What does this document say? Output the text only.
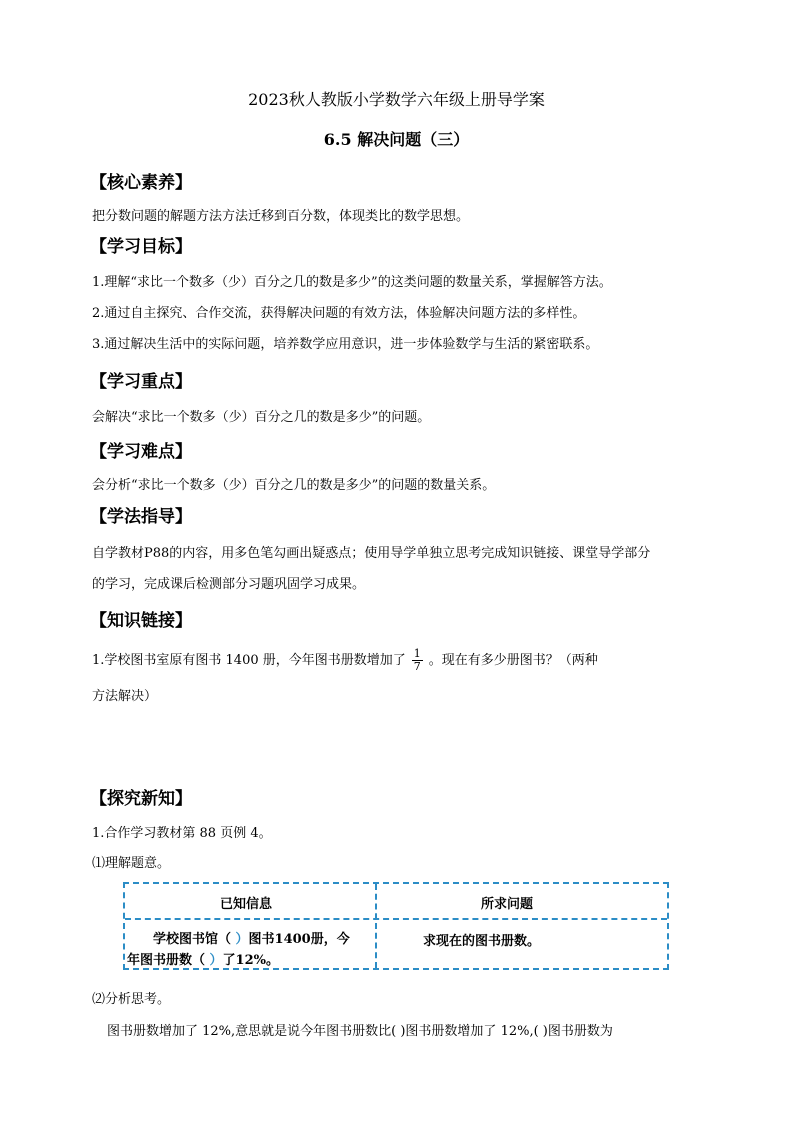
2023秋人教版小学数学六年级上册导学案
6.5 解决问题（三）
【核心素养】
把分数问题的解题方法方法迁移到百分数，体现类比的数学思想。
【学习目标】
1.理解“求比一个数多（少）百分之几的数是多少”的这类问题的数量关系，掌握解答方法。
2.通过自主探究、合作交流，获得解决问题的有效方法，体验解决问题方法的多样性。
3.通过解决生活中的实际问题，培养数学应用意识，进一步体验数学与生活的紧密联系。
【学习重点】
会解决“求比一个数多（少）百分之几的数是多少”的问题。
【学习难点】
会分析“求比一个数多（少）百分之几的数是多少”的问题的数量关系。
【学法指导】
自学教材P88的内容，用多色笔勾画出疑惑点；使用导学单独立思考完成知识链接、课堂导学部分
的学习，完成课后检测部分习题巩固学习成果。
【知识链接】
1.学校图书室原有图书 1400 册，今年图书册数增加了 $\frac{1}{7}$ 。现在有多少册图书？（两种
方法解决）
【探究新知】
1.合作学习教材第 88 页例 4。
⑴理解题意。
已知信息	所求问题
学校图书馆（ ）图书1400册，今
年图书册数（ ）了12%。
求现在的图书册数。
⑵分析思考。
图书册数增加了 12%,意思就是说今年图书册数比( )图书册数增加了 12%,( )图书册数为
